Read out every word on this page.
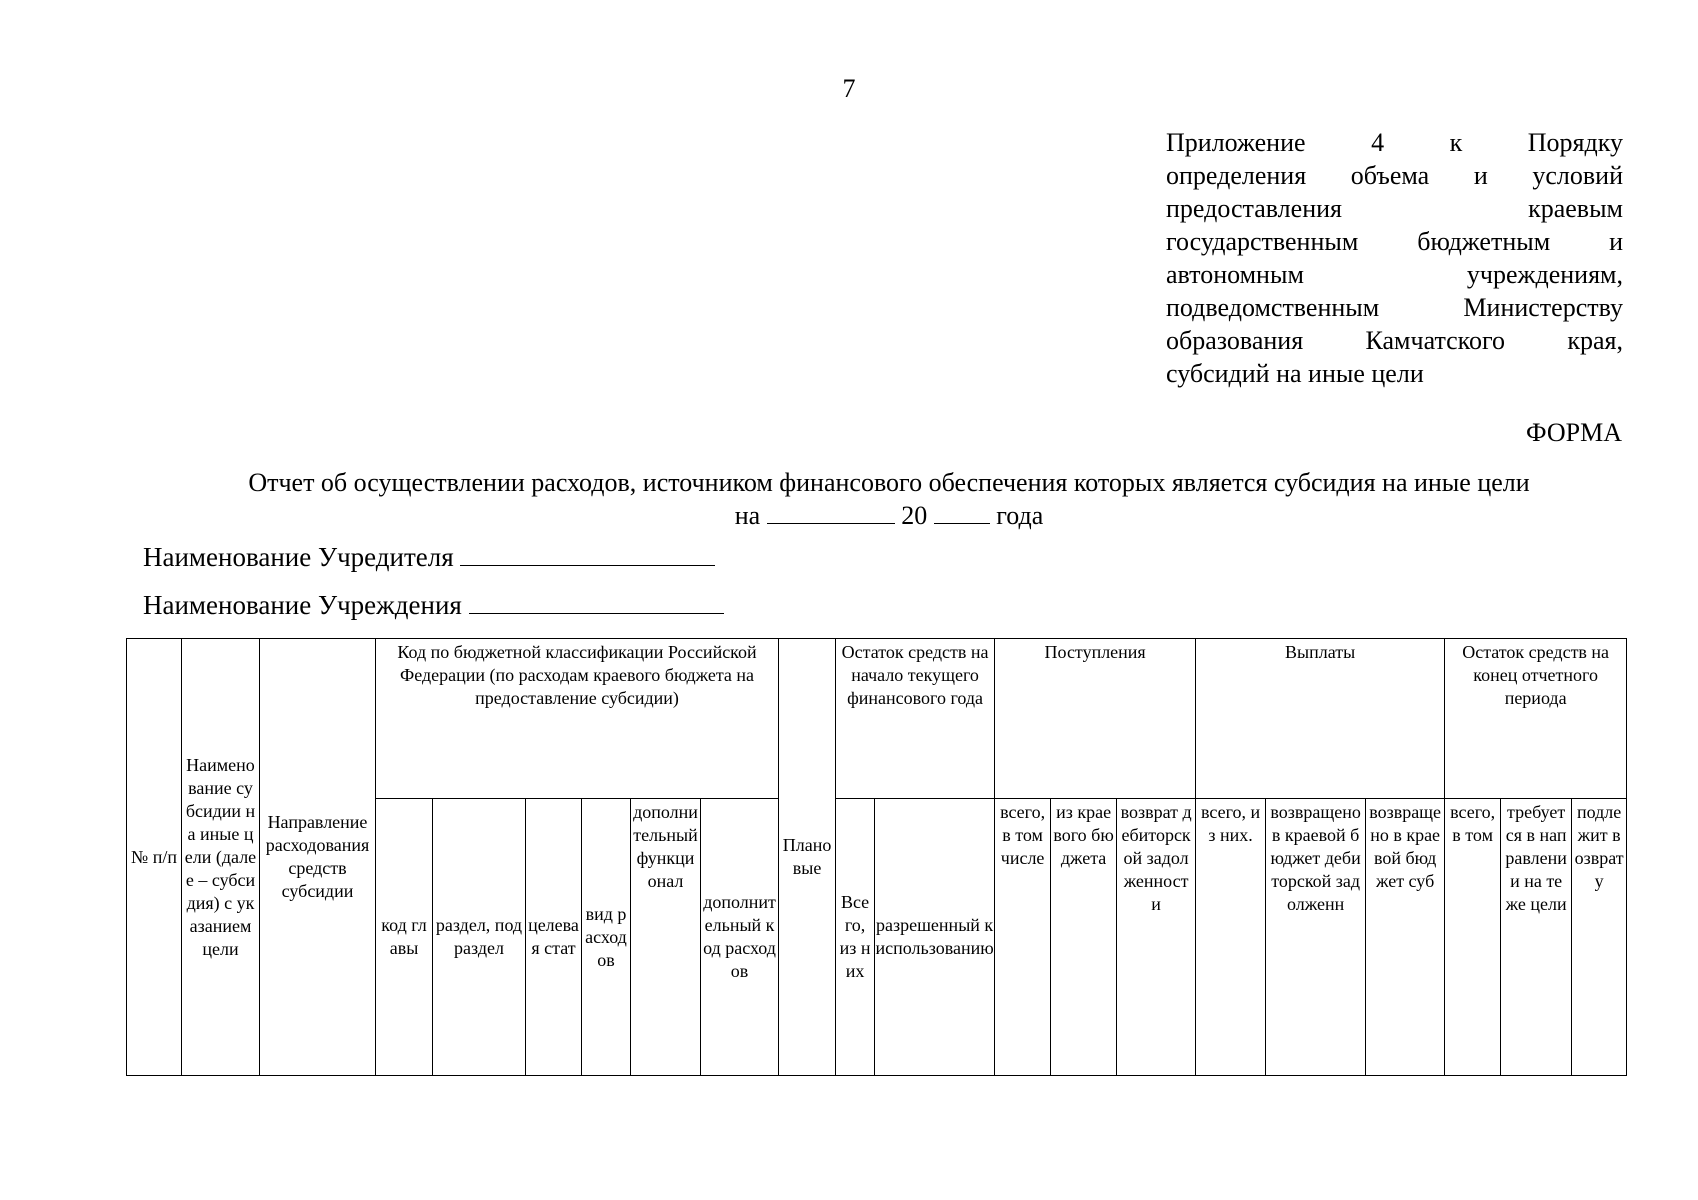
7
Приложение 4 к Порядку
определения объема и условий
предоставления краевым
государственным бюджетным и
автономным учреждениям,
подведомственным Министерству
образования Камчатского края,
субсидий на иные цели
ФОРМА
Отчет об осуществлении расходов, источником финансового обеспечения которых является субсидия на иные цели
на	20	года
Наименование Учредителя
Наименование Учреждения
№ п/п	Наименование субсидии на иные цели (далее – субсидия) с указанием цели	Направление расходования средств субсидии	Код по бюджетной классификации Российской Федерации (по расходам краевого бюджета на предоставление субсидии)						Плановые	Остаток средств на начало текущего финансового года		Поступления			Выплаты			Остаток средств на конец отчетного периода		
			код главы	раздел, подраздел	целевая стат	вид расходов	дополнительный функционал	дополнительный код расходов		Всего, из них	разрешенный к использованию	всего, в том числе	из краевого бюджета	возврат дебиторской задолженности	всего, из них.	возвращено в краевой бюджет дебиторской задолженн	возвращено в краевой бюджет суб	всего, в том	требуется в направлении на те же цели	подлежит возврату
